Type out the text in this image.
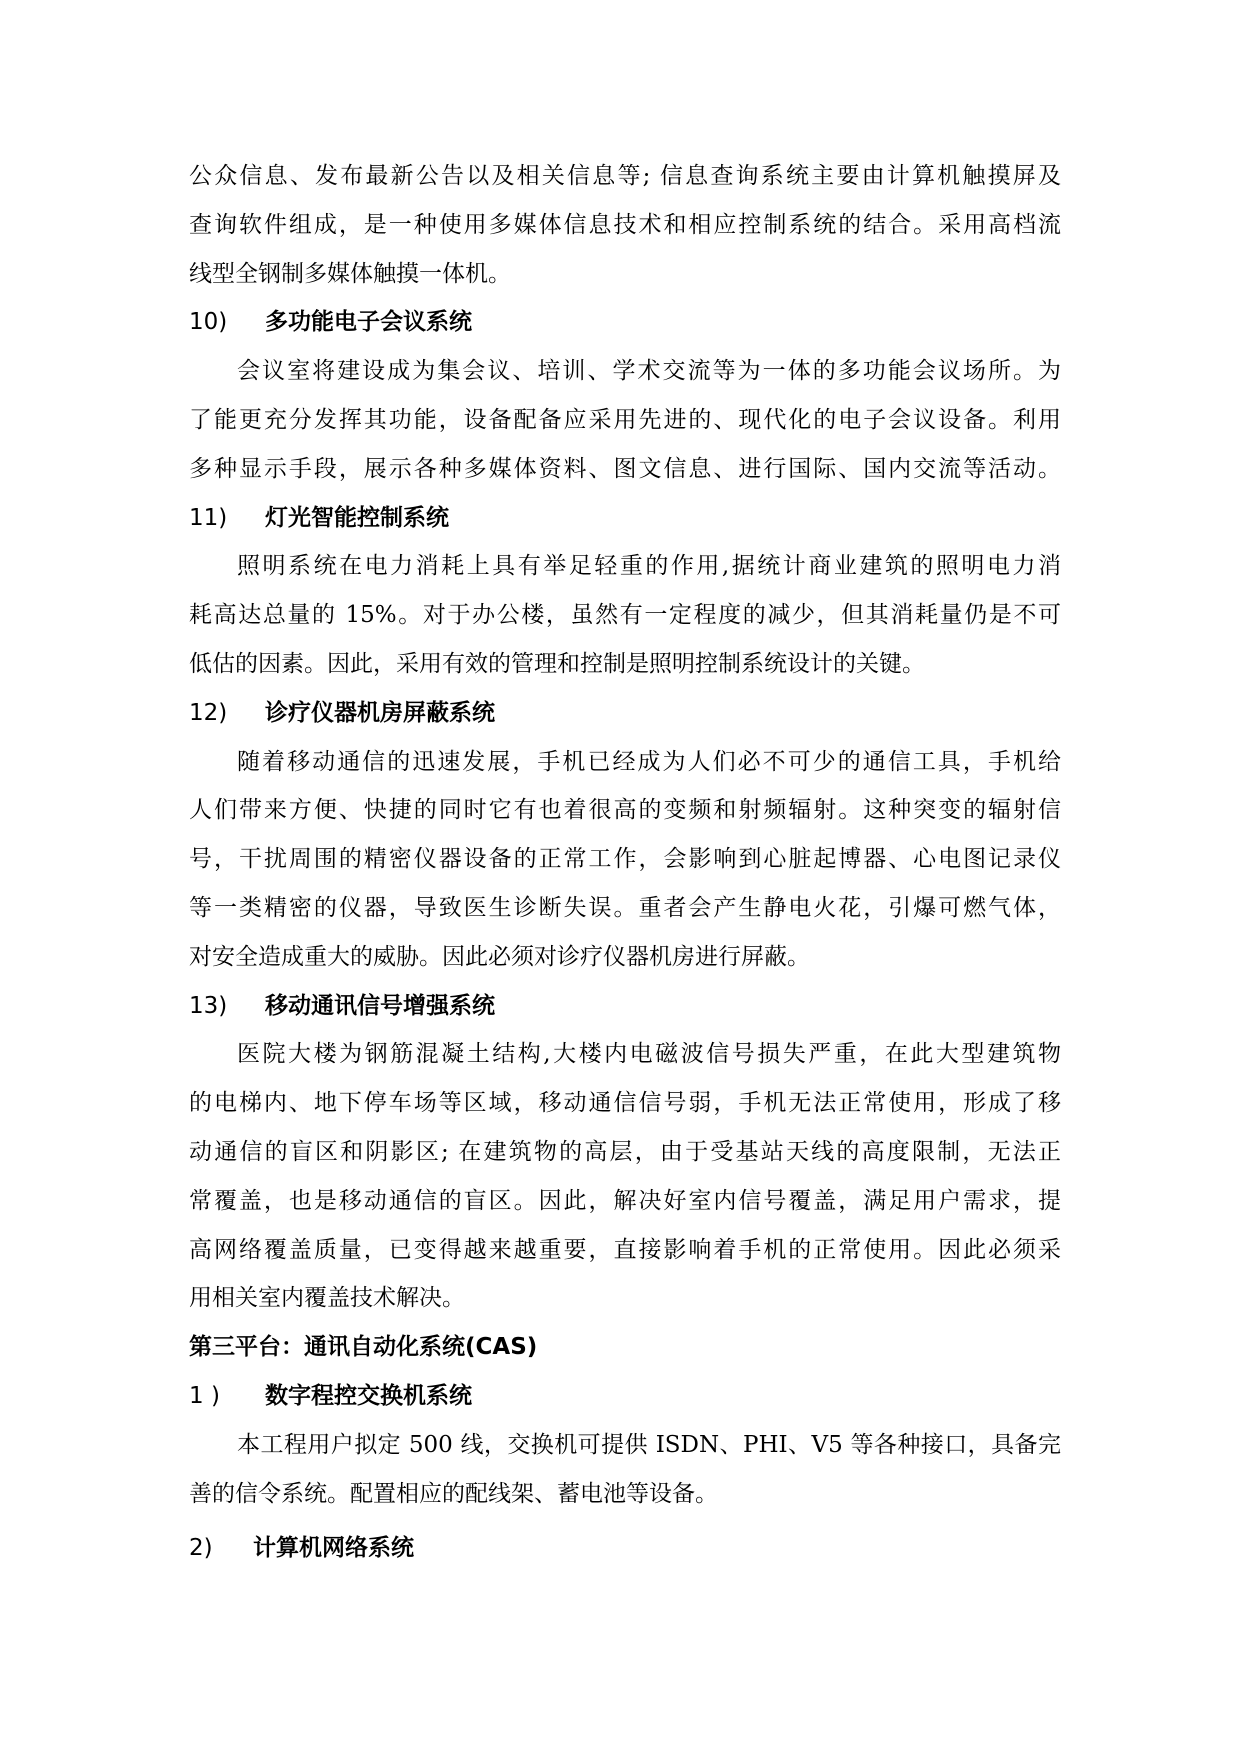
公众信息、发布最新公告以及相关信息等; 信息查询系统主要由计算机触摸屏及
查询软件组成，是一种使用多媒体信息技术和相应控制系统的结合。采用高档流
线型全钢制多媒体触摸一体机。
10)	多功能电子会议系统
会议室将建设成为集会议、培训、学术交流等为一体的多功能会议场所。为
了能更充分发挥其功能，设备配备应采用先进的、现代化的电子会议设备。利用
多种显示手段，展示各种多媒体资料、图文信息、进行国际、国内交流等活动。
11)	灯光智能控制系统
照明系统在电力消耗上具有举足轻重的作用,据统计商业建筑的照明电力消
耗高达总量的 15%。对于办公楼，虽然有一定程度的减少，但其消耗量仍是不可
低估的因素。因此，采用有效的管理和控制是照明控制系统设计的关键。
12)	诊疗仪器机房屏蔽系统
随着移动通信的迅速发展，手机已经成为人们必不可少的通信工具，手机给
人们带来方便、快捷的同时它有也着很高的变频和射频辐射。这种突变的辐射信
号，干扰周围的精密仪器设备的正常工作，会影响到心脏起博器、心电图记录仪
等一类精密的仪器，导致医生诊断失误。重者会产生静电火花，引爆可燃气体，
对安全造成重大的威胁。因此必须对诊疗仪器机房进行屏蔽。
13)	移动通讯信号增强系统
医院大楼为钢筋混凝土结构,大楼内电磁波信号损失严重，在此大型建筑物
的电梯内、地下停车场等区域，移动通信信号弱，手机无法正常使用，形成了移
动通信的盲区和阴影区; 在建筑物的高层，由于受基站天线的高度限制，无法正
常覆盖，也是移动通信的盲区。因此，解决好室内信号覆盖，满足用户需求，提
高网络覆盖质量，已变得越来越重要，直接影响着手机的正常使用。因此必须采
用相关室内覆盖技术解决。
第三平台：通讯自动化系统(CAS)
1 )	数字程控交换机系统
本工程用户拟定 500 线，交换机可提供 ISDN、PHI、V5 等各种接口，具备完
善的信令系统。配置相应的配线架、蓄电池等设备。
2)	计算机网络系统
